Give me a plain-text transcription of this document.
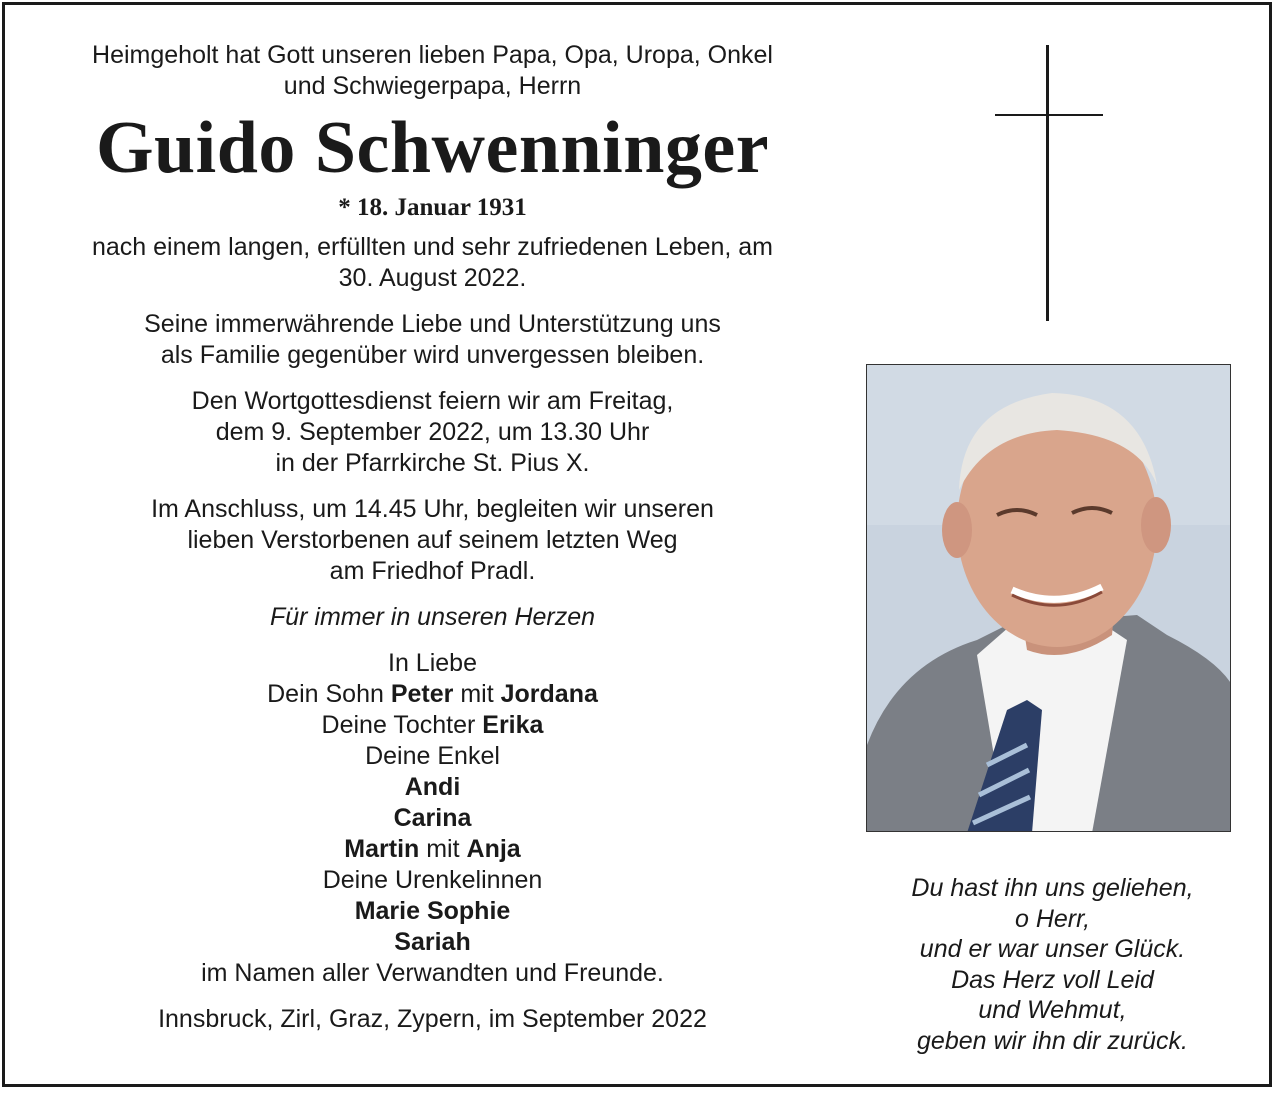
Heimgeholt hat Gott unseren lieben Papa, Opa, Uropa, Onkel
und Schwiegerpapa, Herrn
Guido Schwenninger
* 18. Januar 1931
nach einem langen, erfüllten und sehr zufriedenen Leben, am
30. August 2022.
Seine immerwährende Liebe und Unterstützung uns
als Familie gegenüber wird unvergessen bleiben.
Den Wortgottesdienst feiern wir am Freitag,
dem 9. September 2022, um 13.30 Uhr
in der Pfarrkirche St. Pius X.
Im Anschluss, um 14.45 Uhr, begleiten wir unseren
lieben Verstorbenen auf seinem letzten Weg
am Friedhof Pradl.
Für immer in unseren Herzen
In Liebe
Dein Sohn Peter mit Jordana
Deine Tochter Erika
Deine Enkel
Andi
Carina
Martin mit Anja
Deine Urenkelinnen
Marie Sophie
Sariah
im Namen aller Verwandten und Freunde.
Innsbruck, Zirl, Graz, Zypern, im September 2022
Du hast ihn uns geliehen,
o Herr,
und er war unser Glück.
Das Herz voll Leid
und Wehmut,
geben wir ihn dir zurück.
